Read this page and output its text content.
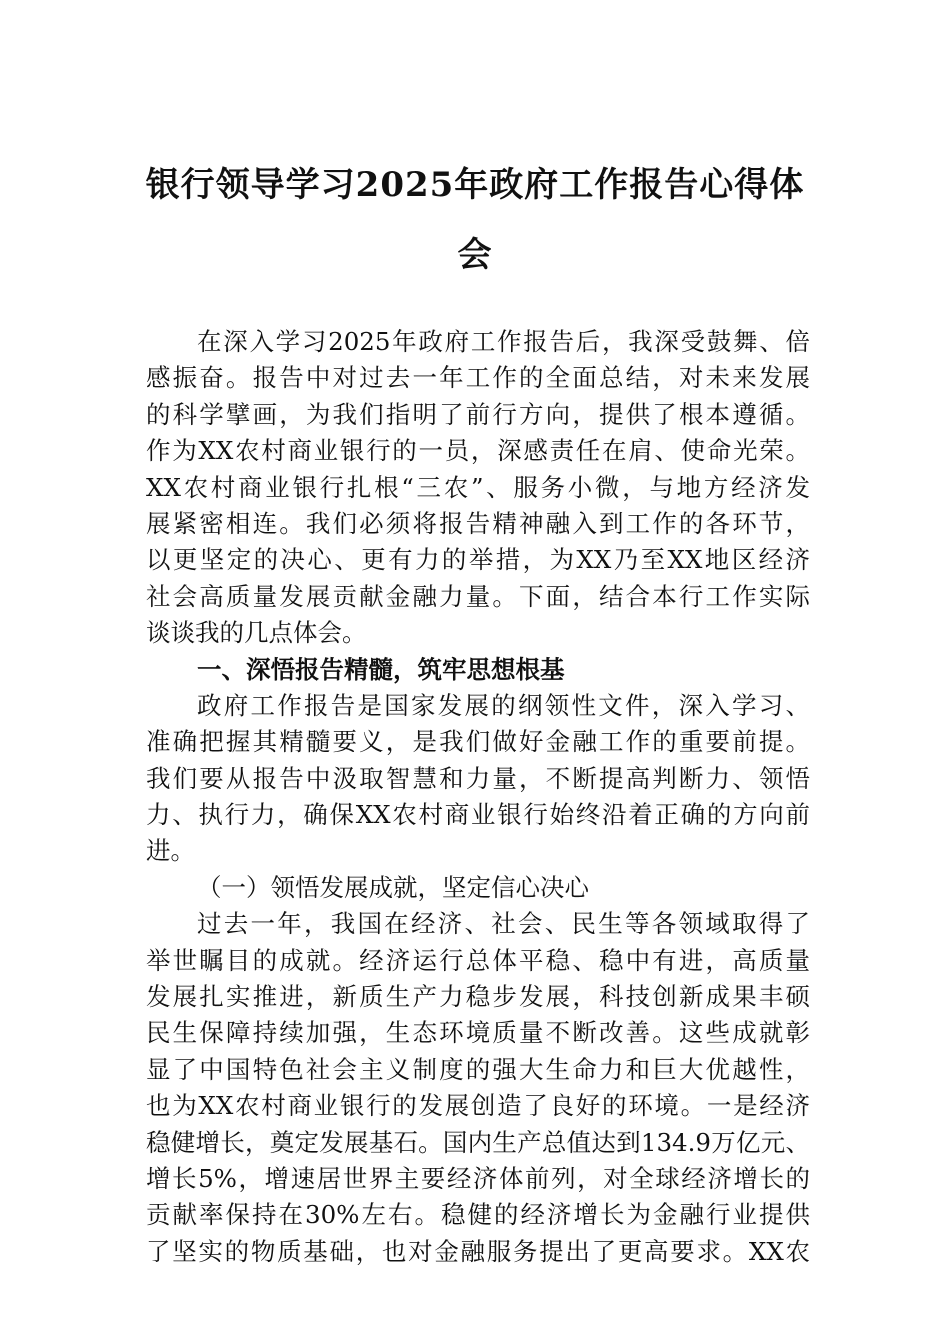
银行领导学习2025年政府工作报告心得体
会
在深入学习2025年政府工作报告后，我深受鼓舞、倍
感振奋。报告中对过去一年工作的全面总结，对未来发展
的科学擘画，为我们指明了前行方向，提供了根本遵循。
作为XX农村商业银行的一员，深感责任在肩、使命光荣。
XX农村商业银行扎根“三农”、服务小微，与地方经济发
展紧密相连。我们必须将报告精神融入到工作的各环节，
以更坚定的决心、更有力的举措，为XX乃至XX地区经济
社会高质量发展贡献金融力量。下面，结合本行工作实际
谈谈我的几点体会。
一、深悟报告精髓，筑牢思想根基
政府工作报告是国家发展的纲领性文件，深入学习、
准确把握其精髓要义，是我们做好金融工作的重要前提。
我们要从报告中汲取智慧和力量，不断提高判断力、领悟
力、执行力，确保XX农村商业银行始终沿着正确的方向前
进。
（一）领悟发展成就，坚定信心决心
过去一年，我国在经济、社会、民生等各领域取得了
举世瞩目的成就。经济运行总体平稳、稳中有进，高质量
发展扎实推进，新质生产力稳步发展，科技创新成果丰硕
民生保障持续加强，生态环境质量不断改善。这些成就彰
显了中国特色社会主义制度的强大生命力和巨大优越性，
也为XX农村商业银行的发展创造了良好的环境。一是经济
稳健增长，奠定发展基石。国内生产总值达到134.9万亿元、
增长5%，增速居世界主要经济体前列，对全球经济增长的
贡献率保持在30%左右。稳健的经济增长为金融行业提供
了坚实的物质基础，也对金融服务提出了更高要求。XX农
